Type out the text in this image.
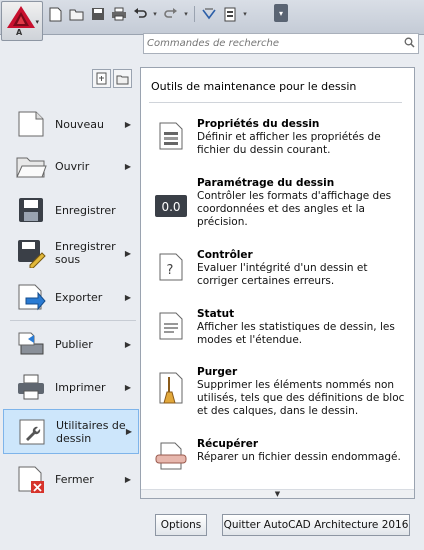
A
▾
▾	▾	▾	▾
Commandes de recherche
Nouveau	▶
Ouvrir	▶
Enregistrer
Enregistrer sous	▶
Exporter	▶
Publier	▶
Imprimer	▶
Utilitaires de dessin	▶
Fermer	▶
Outils de maintenance pour le dessin
Propriétés du dessin
Définir et afficher les propriétés de fichier du dessin courant.
0.0
Paramétrage du dessin
Contrôler les formats d'affichage des coordonnées et des angles et la précision.
?
Contrôler
Evaluer l'intégrité d'un dessin et corriger certaines erreurs.
Statut
Afficher les statistiques de dessin, les modes et l'étendue.
Purger
Supprimer les éléments nommés non utilisés, tels que des définitions de bloc et des calques, dans le dessin.
Récupérer
Réparer un fichier dessin endommagé.
▼
Options	Quitter AutoCAD Architecture 2016
